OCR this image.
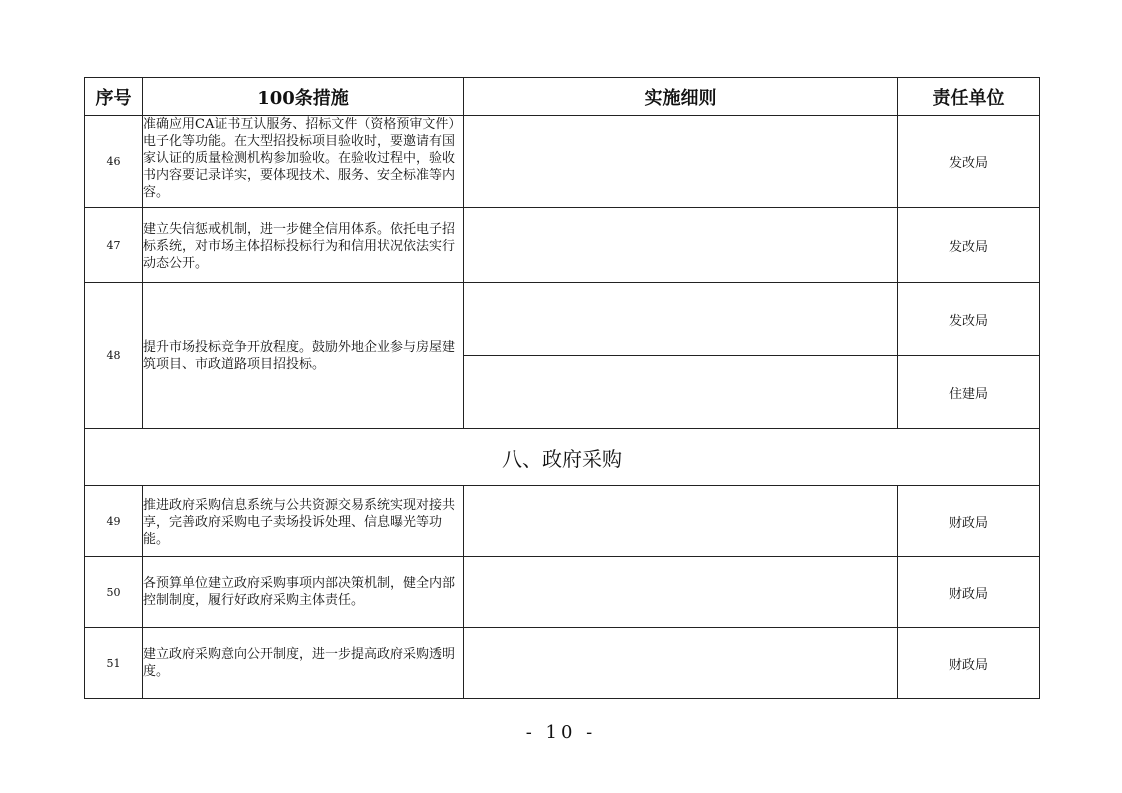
序号	100条措施	实施细则	责任单位
46	准确应用CA证书互认服务、招标文件（资格预审文件）电子化等功能。在大型招投标项目验收时，要邀请有国家认证的质量检测机构参加验收。在验收过程中，验收书内容要记录详实，要体现技术、服务、安全标准等内容。		发改局
47	建立失信惩戒机制，进一步健全信用体系。依托电子招标系统，对市场主体招标投标行为和信用状况依法实行动态公开。		发改局
48	提升市场投标竞争开放程度。鼓励外地企业参与房屋建筑项目、市政道路项目招投标。		发改局
			住建局
八、政府采购			
49	推进政府采购信息系统与公共资源交易系统实现对接共享，完善政府采购电子卖场投诉处理、信息曝光等功能。		财政局
50	各预算单位建立政府采购事项内部决策机制，健全内部控制制度，履行好政府采购主体责任。		财政局
51	建立政府采购意向公开制度，进一步提高政府采购透明度。		财政局
- 10 -
